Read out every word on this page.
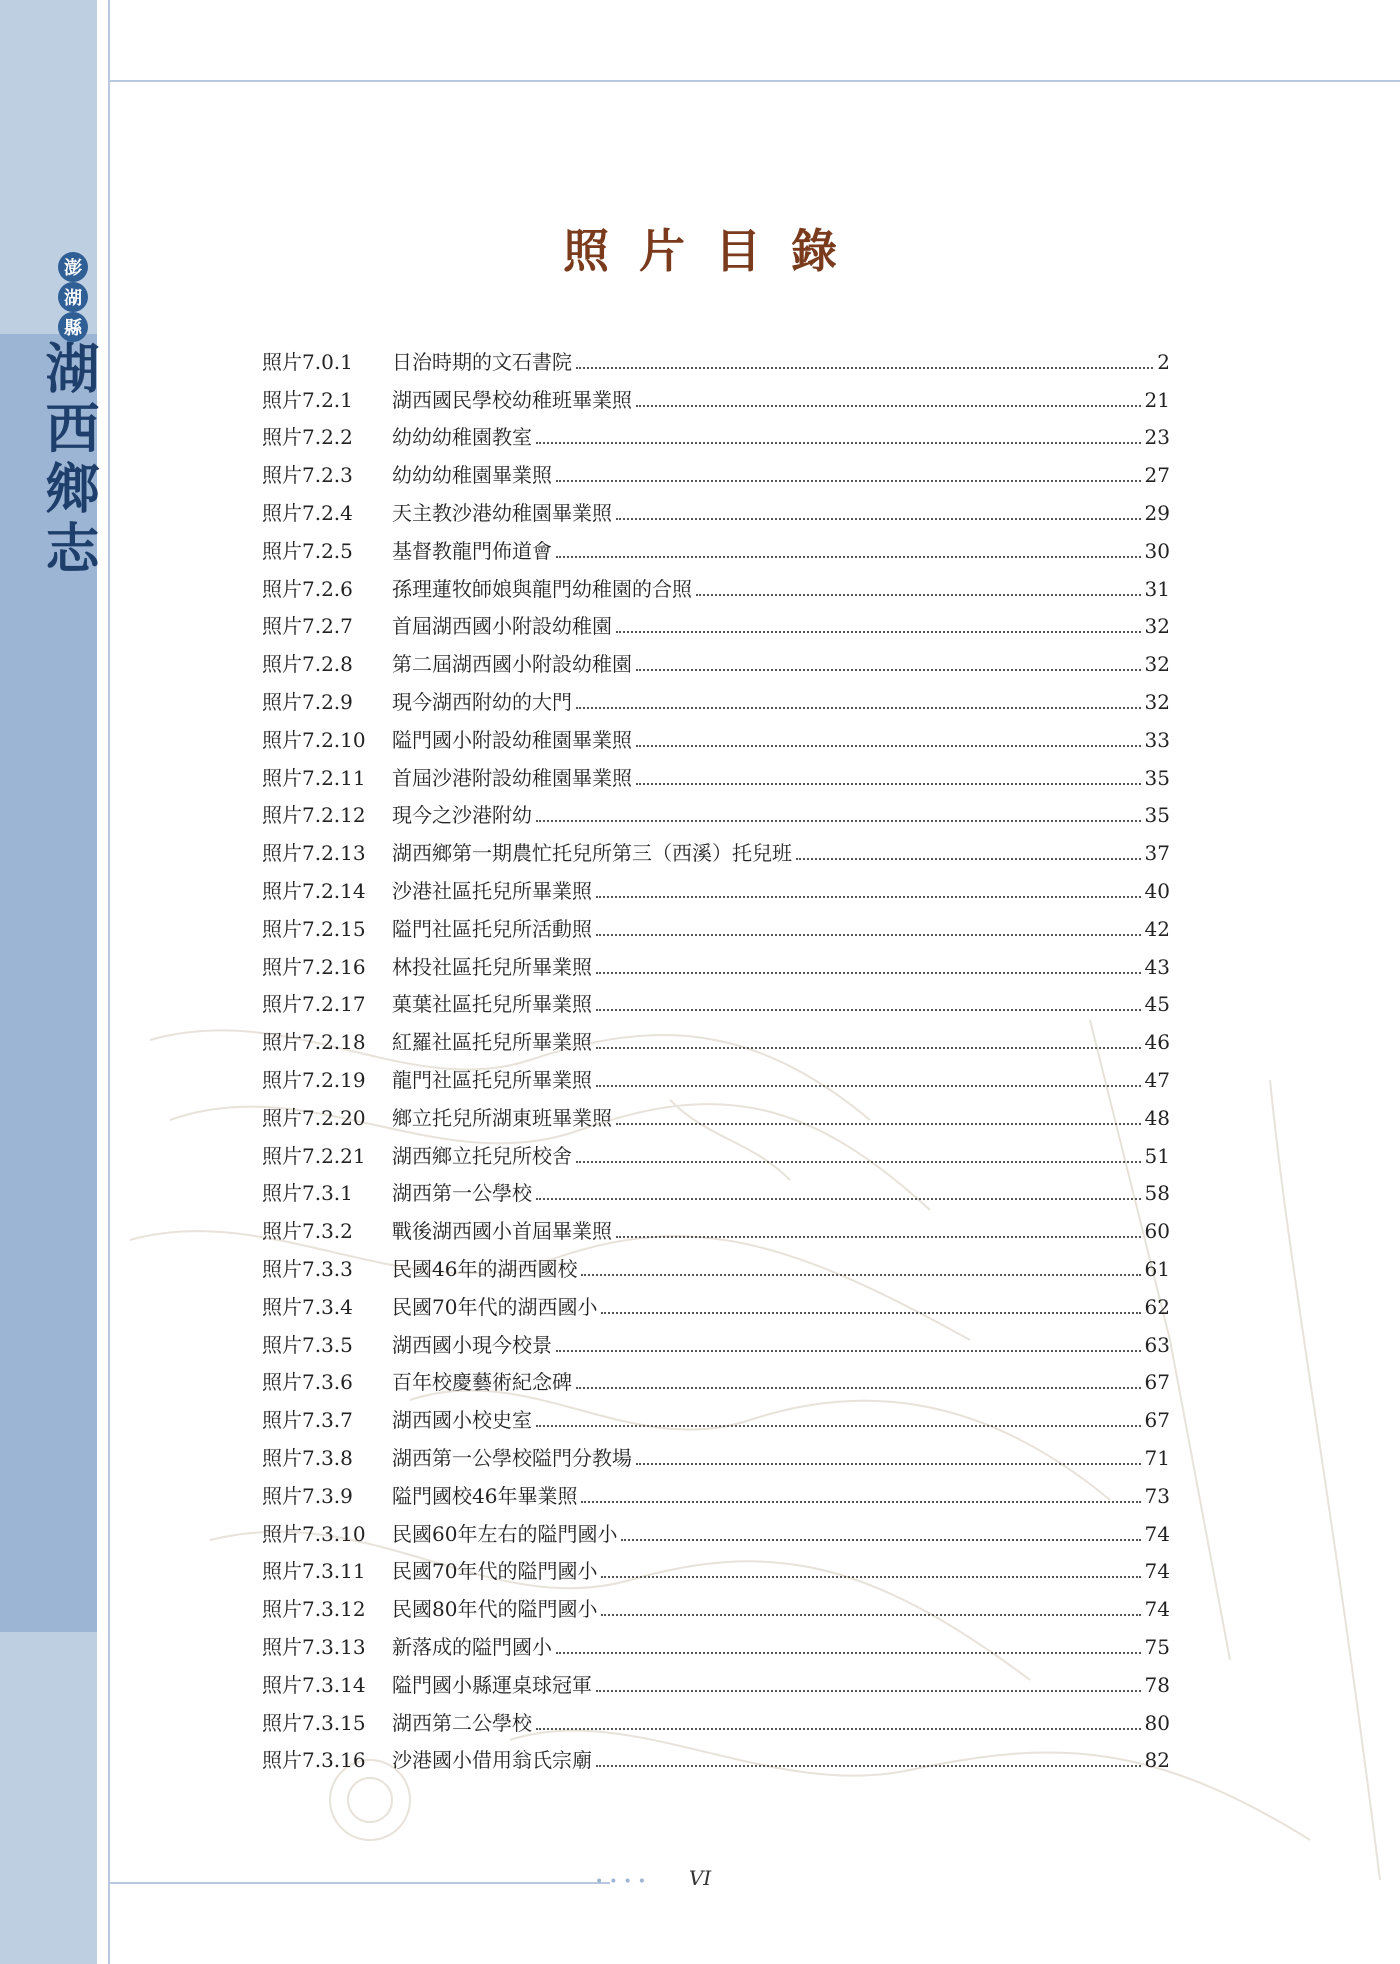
••••
澎
湖
縣
湖西鄉志
照片目錄
照片7.0.1	日治時期的文石書院	2
照片7.2.1	湖西國民學校幼稚班畢業照	21
照片7.2.2	幼幼幼稚園教室	23
照片7.2.3	幼幼幼稚園畢業照	27
照片7.2.4	天主教沙港幼稚園畢業照	29
照片7.2.5	基督教龍門佈道會	30
照片7.2.6	孫理蓮牧師娘與龍門幼稚園的合照	31
照片7.2.7	首屆湖西國小附設幼稚園	32
照片7.2.8	第二屆湖西國小附設幼稚園	32
照片7.2.9	現今湖西附幼的大門	32
照片7.2.10	隘門國小附設幼稚園畢業照	33
照片7.2.11	首屆沙港附設幼稚園畢業照	35
照片7.2.12	現今之沙港附幼	35
照片7.2.13	湖西鄉第一期農忙托兒所第三（西溪）托兒班	37
照片7.2.14	沙港社區托兒所畢業照	40
照片7.2.15	隘門社區托兒所活動照	42
照片7.2.16	林投社區托兒所畢業照	43
照片7.2.17	菓葉社區托兒所畢業照	45
照片7.2.18	紅羅社區托兒所畢業照	46
照片7.2.19	龍門社區托兒所畢業照	47
照片7.2.20	鄉立托兒所湖東班畢業照	48
照片7.2.21	湖西鄉立托兒所校舍	51
照片7.3.1	湖西第一公學校	58
照片7.3.2	戰後湖西國小首屆畢業照	60
照片7.3.3	民國46年的湖西國校	61
照片7.3.4	民國70年代的湖西國小	62
照片7.3.5	湖西國小現今校景	63
照片7.3.6	百年校慶藝術紀念碑	67
照片7.3.7	湖西國小校史室	67
照片7.3.8	湖西第一公學校隘門分教場	71
照片7.3.9	隘門國校46年畢業照	73
照片7.3.10	民國60年左右的隘門國小	74
照片7.3.11	民國70年代的隘門國小	74
照片7.3.12	民國80年代的隘門國小	74
照片7.3.13	新落成的隘門國小	75
照片7.3.14	隘門國小縣運桌球冠軍	78
照片7.3.15	湖西第二公學校	80
照片7.3.16	沙港國小借用翁氏宗廟	82
VI
